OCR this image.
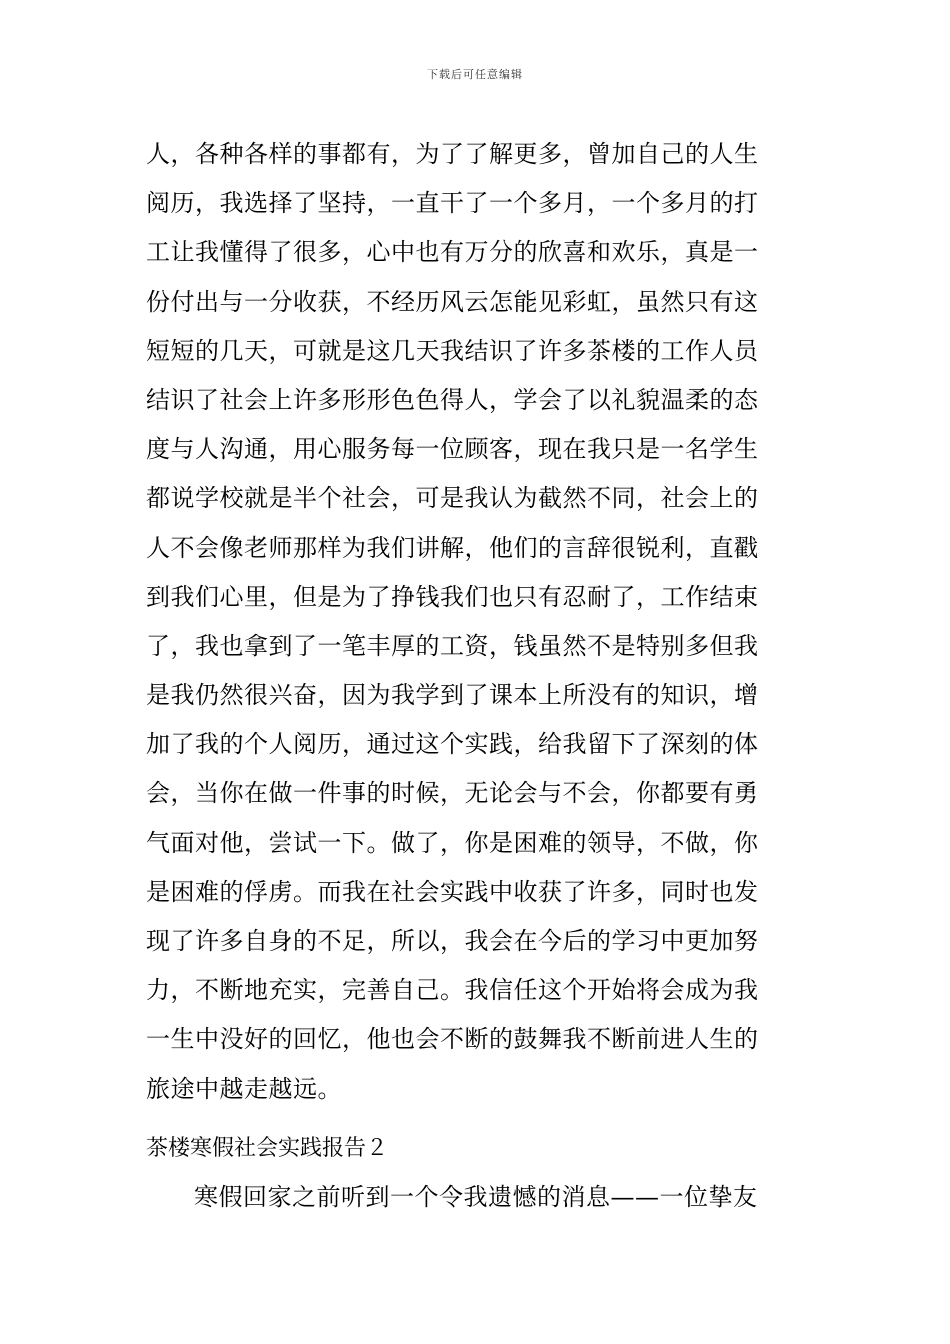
下载后可任意编辑
人，各种各样的事都有，为了了解更多，曾加自己的人生
阅历，我选择了坚持，一直干了一个多月，一个多月的打
工让我懂得了很多，心中也有万分的欣喜和欢乐，真是一
份付出与一分收获，不经历风云怎能见彩虹，虽然只有这
短短的几天，可就是这几天我结识了许多茶楼的工作人员
结识了社会上许多形形色色得人，学会了以礼貌温柔的态
度与人沟通，用心服务每一位顾客，现在我只是一名学生
都说学校就是半个社会，可是我认为截然不同，社会上的
人不会像老师那样为我们讲解，他们的言辞很锐利，直戳
到我们心里，但是为了挣钱我们也只有忍耐了，工作结束
了，我也拿到了一笔丰厚的工资，钱虽然不是特别多但我
是我仍然很兴奋，因为我学到了课本上所没有的知识，增
加了我的个人阅历，通过这个实践，给我留下了深刻的体
会，当你在做一件事的时候，无论会与不会，你都要有勇
气面对他，尝试一下。做了，你是困难的领导，不做，你
是困难的俘虏。而我在社会实践中收获了许多，同时也发
现了许多自身的不足，所以，我会在今后的学习中更加努
力，不断地充实，完善自己。我信任这个开始将会成为我
一生中没好的回忆，他也会不断的鼓舞我不断前进人生的
旅途中越走越远。
茶楼寒假社会实践报告２
寒假回家之前听到一个令我遗憾的消息——一位挚友
